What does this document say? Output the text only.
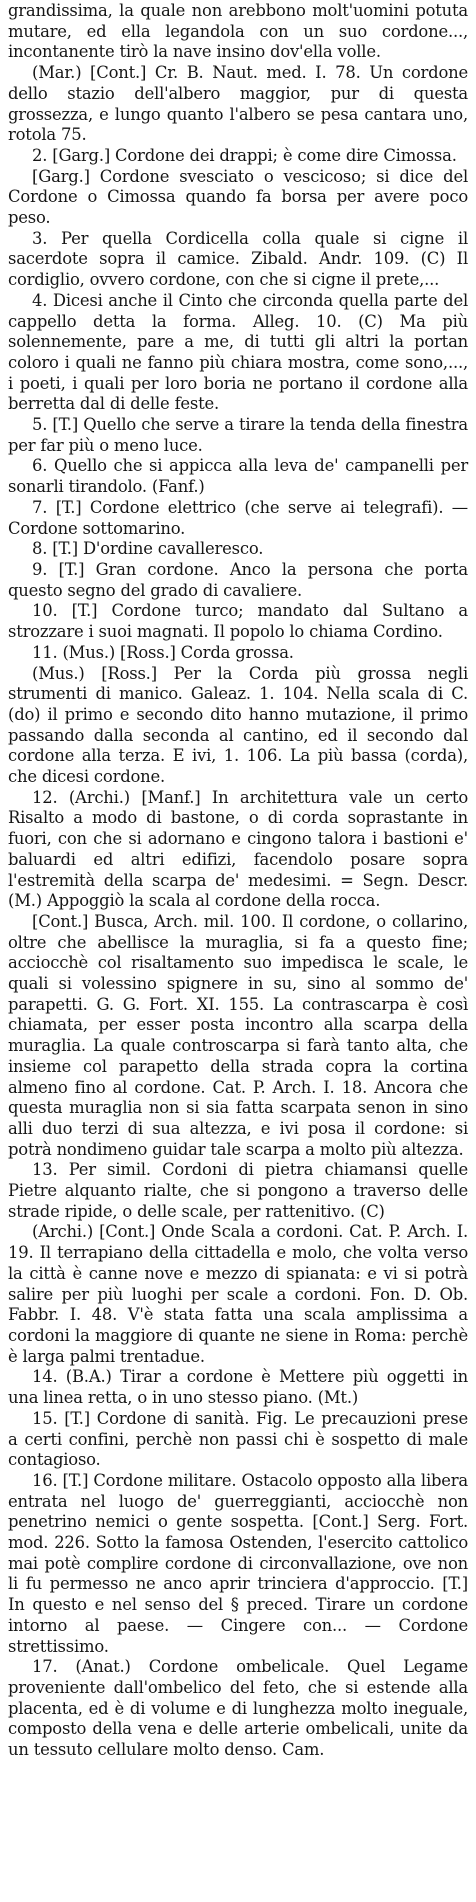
grandissima, la quale non arebbono molt'uomini potuta mutare, ed ella legandola con un suo cordone..., incontanente tirò la nave insino dov'ella volle.

(Mar.) [Cont.] Cr. B. Naut. med. I. 78. Un cordone dello stazio dell'albero maggior, pur di questa grossezza, e lungo quanto l'albero se pesa cantara uno, rotola 75.

2. [Garg.] Cordone dei drappi; è come dire Cimossa.

[Garg.] Cordone svesciato o vescicoso; si dice del Cordone o Cimossa quando fa borsa per avere poco peso.

3. Per quella Cordicella colla quale si cigne il sacerdote sopra il camice. Zibald. Andr. 109. (C) Il cordiglio, ovvero cordone, con che si cigne il prete,...

4. Dicesi anche il Cinto che circonda quella parte del cappello detta la forma. Alleg. 10. (C) Ma più solennemente, pare a me, di tutti gli altri la portan coloro i quali ne fanno più chiara mostra, come sono,..., i poeti, i quali per loro boria ne portano il cordone alla berretta dal di delle feste.

5. [T.] Quello che serve a tirare la tenda della finestra per far più o meno luce.

6. Quello che si appicca alla leva de' campanelli per sonarli tirandolo. (Fanf.)

7. [T.] Cordone elettrico (che serve ai telegrafi). — Cordone sottomarino.

8. [T.] D'ordine cavalleresco.

9. [T.] Gran cordone. Anco la persona che porta questo segno del grado di cavaliere.

10. [T.] Cordone turco; mandato dal Sultano a strozzare i suoi magnati. Il popolo lo chiama Cordino.

11. (Mus.) [Ross.] Corda grossa.

(Mus.) [Ross.] Per la Corda più grossa negli strumenti di manico. Galeaz. 1. 104. Nella scala di C. (do) il primo e secondo dito hanno mutazione, il primo passando dalla seconda al cantino, ed il secondo dal cordone alla terza. E ivi, 1. 106. La più bassa (corda), che dicesi cordone.

12. (Archi.) [Manf.] In architettura vale un certo Risalto a modo di bastone, o di corda soprastante in fuori, con che si adornano e cingono talora i bastioni e' baluardi ed altri edifizi, facendolo posare sopra l'estremità della scarpa de' medesimi. = Segn. Descr. (M.) Appoggiò la scala al cordone della rocca.

[Cont.] Busca, Arch. mil. 100. Il cordone, o collarino, oltre che abellisce la muraglia, si fa a questo fine; acciocchè col risaltamento suo impedisca le scale, le quali si volessino spignere in su, sino al sommo de' parapetti. G. G. Fort. XI. 155. La contrascarpa è così chiamata, per esser posta incontro alla scarpa della muraglia. La quale controscarpa si farà tanto alta, che insieme col parapetto della strada copra la cortina almeno fino al cordone. Cat. P. Arch. I. 18. Ancora che questa muraglia non si sia fatta scarpata senon in sino alli duo terzi di sua altezza, e ivi posa il cordone: si potrà nondimeno guidar tale scarpa a molto più altezza.

13. Per simil. Cordoni di pietra chiamansi quelle Pietre alquanto rialte, che si pongono a traverso delle strade ripide, o delle scale, per rattenitivo. (C)

(Archi.) [Cont.] Onde Scala a cordoni. Cat. P. Arch. I. 19. Il terrapiano della cittadella e molo, che volta verso la città è canne nove e mezzo di spianata: e vi si potrà salire per più luoghi per scale a cordoni. Fon. D. Ob. Fabbr. I. 48. V'è stata fatta una scala amplissima a cordoni la maggiore di quante ne siene in Roma: perchè è larga palmi trentadue.

14. (B.A.) Tirar a cordone è Mettere più oggetti in una linea retta, o in uno stesso piano. (Mt.)

15. [T.] Cordone di sanità. Fig. Le precauzioni prese a certi confini, perchè non passi chi è sospetto di male contagioso.

16. [T.] Cordone militare. Ostacolo opposto alla libera entrata nel luogo de' guerreggianti, acciocchè non penetrino nemici o gente sospetta. [Cont.] Serg. Fort. mod. 226. Sotto la famosa Ostenden, l'esercito cattolico mai potè complire cordone di circonvallazione, ove non li fu permesso ne anco aprir trinciera d'approccio. [T.] In questo e nel senso del § preced. Tirare un cordone intorno al paese. — Cingere con... — Cordone strettissimo.

17. (Anat.) Cordone ombelicale. Quel Legame proveniente dall'ombelico del feto, che si estende alla placenta, ed è di volume e di lunghezza molto ineguale, composto della vena e delle arterie ombelicali, unite da un tessuto cellulare molto denso. Cam.
